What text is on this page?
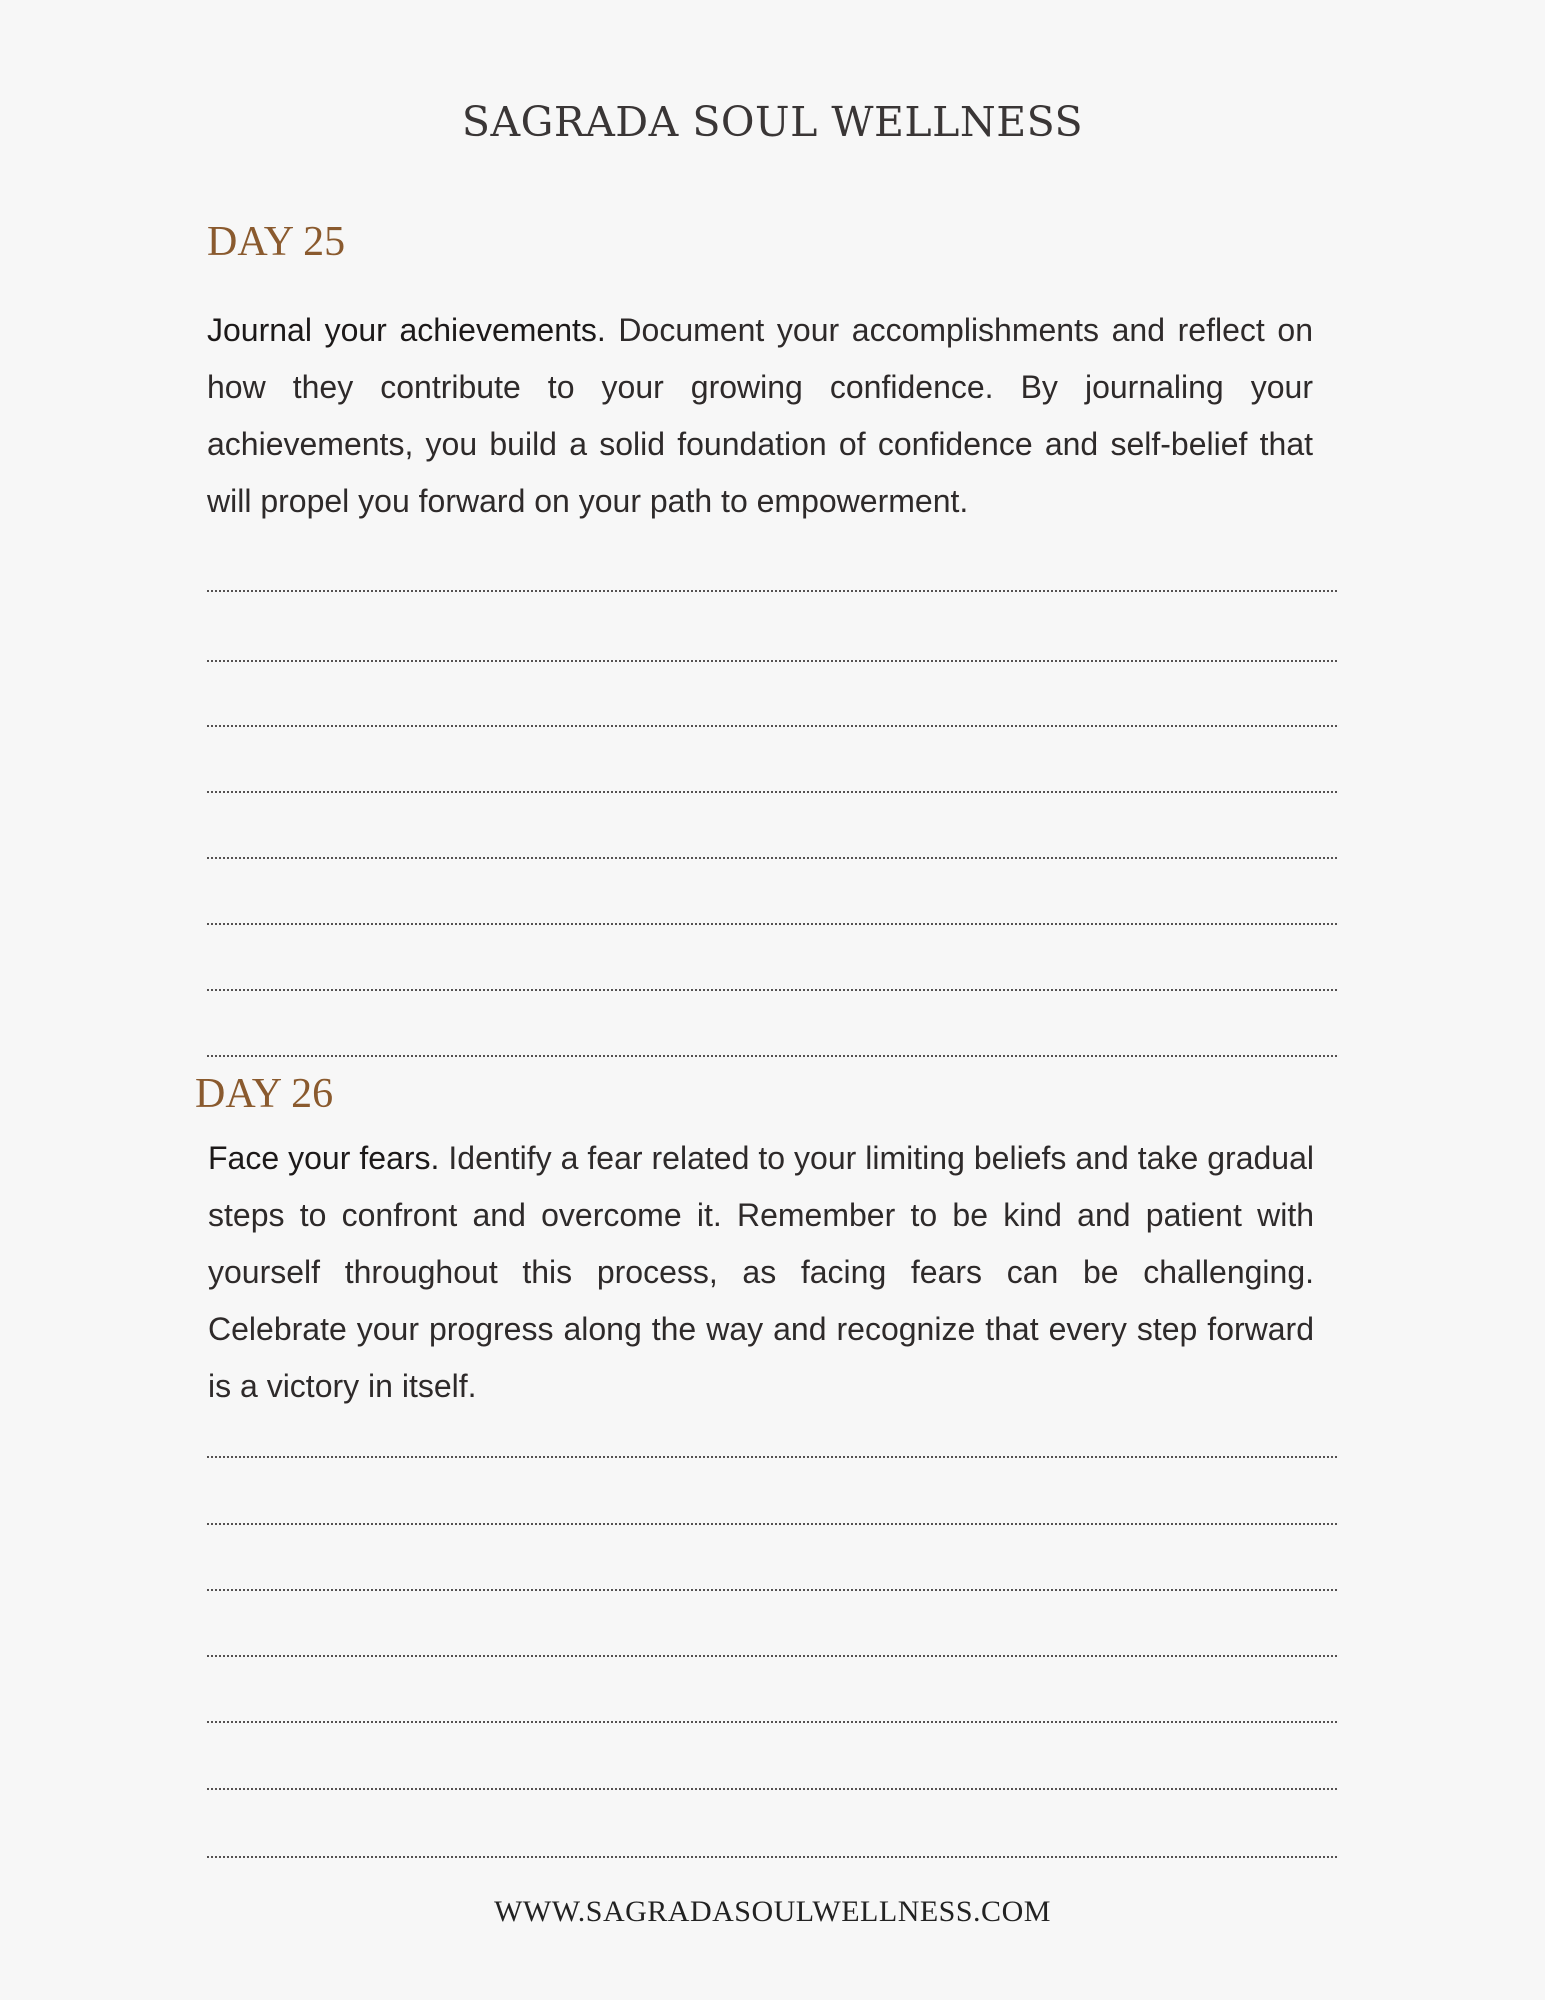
SAGRADA SOUL WELLNESS
DAY 25

Journal your achievements. Document your accomplishments and reflect on how they contribute to your growing confidence. By journaling your achievements, you build a solid foundation of confidence and self-belief that will propel you forward on your path to empowerment.

DAY 26

Face your fears. Identify a fear related to your limiting beliefs and take gradual steps to confront and overcome it. Remember to be kind and patient with yourself throughout this process, as facing fears can be challenging. Celebrate your progress along the way and recognize that every step forward is a victory in itself.

WWW.SAGRADASOULWELLNESS.COM
